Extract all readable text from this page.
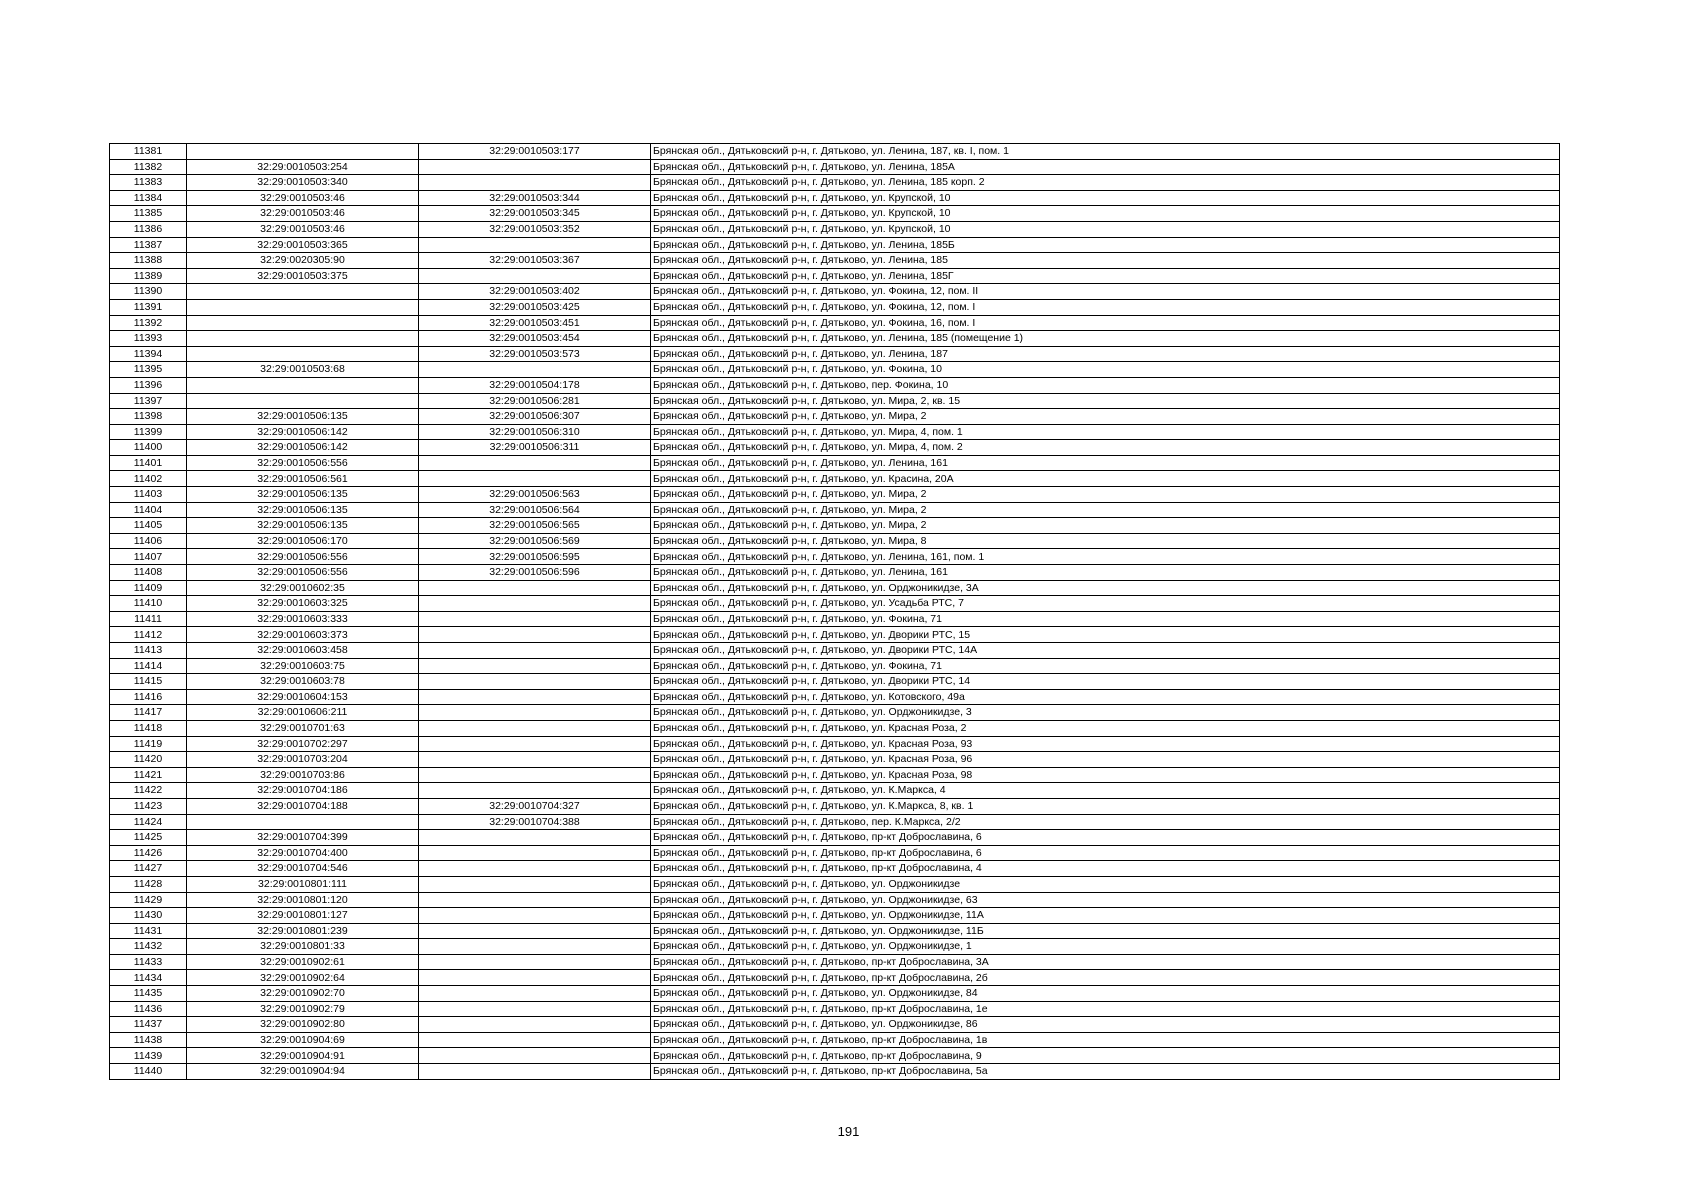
11381		32:29:0010503:177	Брянская обл., Дятьковский р-н, г. Дятьково, ул. Ленина, 187, кв. I, пом. 1
11382	32:29:0010503:254		Брянская обл., Дятьковский р-н, г. Дятьково, ул. Ленина, 185А
11383	32:29:0010503:340		Брянская обл., Дятьковский р-н, г. Дятьково, ул. Ленина, 185 корп. 2
11384	32:29:0010503:46	32:29:0010503:344	Брянская обл., Дятьковский р-н, г. Дятьково, ул. Крупской, 10
11385	32:29:0010503:46	32:29:0010503:345	Брянская обл., Дятьковский р-н, г. Дятьково, ул. Крупской, 10
11386	32:29:0010503:46	32:29:0010503:352	Брянская обл., Дятьковский р-н, г. Дятьково, ул. Крупской, 10
11387	32:29:0010503:365		Брянская обл., Дятьковский р-н, г. Дятьково, ул. Ленина, 185Б
11388	32:29:0020305:90	32:29:0010503:367	Брянская обл., Дятьковский р-н, г. Дятьково, ул. Ленина, 185
11389	32:29:0010503:375		Брянская обл., Дятьковский р-н, г. Дятьково, ул. Ленина, 185Г
11390		32:29:0010503:402	Брянская обл., Дятьковский р-н, г. Дятьково, ул. Фокина, 12, пом. II
11391		32:29:0010503:425	Брянская обл., Дятьковский р-н, г. Дятьково, ул. Фокина, 12, пом. I
11392		32:29:0010503:451	Брянская обл., Дятьковский р-н, г. Дятьково, ул. Фокина, 16, пом. I
11393		32:29:0010503:454	Брянская обл., Дятьковский р-н, г. Дятьково, ул. Ленина, 185 (помещение 1)
11394		32:29:0010503:573	Брянская обл., Дятьковский р-н, г. Дятьково, ул. Ленина, 187
11395	32:29:0010503:68		Брянская обл., Дятьковский р-н, г. Дятьково, ул. Фокина, 10
11396		32:29:0010504:178	Брянская обл., Дятьковский р-н, г. Дятьково, пер. Фокина, 10
11397		32:29:0010506:281	Брянская обл., Дятьковский р-н, г. Дятьково, ул. Мира, 2, кв. 15
11398	32:29:0010506:135	32:29:0010506:307	Брянская обл., Дятьковский р-н, г. Дятьково, ул. Мира, 2
11399	32:29:0010506:142	32:29:0010506:310	Брянская обл., Дятьковский р-н, г. Дятьково, ул. Мира, 4, пом. 1
11400	32:29:0010506:142	32:29:0010506:311	Брянская обл., Дятьковский р-н, г. Дятьково, ул. Мира, 4, пом. 2
11401	32:29:0010506:556		Брянская обл., Дятьковский р-н, г. Дятьково, ул. Ленина, 161
11402	32:29:0010506:561		Брянская обл., Дятьковский р-н, г. Дятьково, ул. Красина, 20А
11403	32:29:0010506:135	32:29:0010506:563	Брянская обл., Дятьковский р-н, г. Дятьково, ул. Мира, 2
11404	32:29:0010506:135	32:29:0010506:564	Брянская обл., Дятьковский р-н, г. Дятьково, ул. Мира, 2
11405	32:29:0010506:135	32:29:0010506:565	Брянская обл., Дятьковский р-н, г. Дятьково, ул. Мира, 2
11406	32:29:0010506:170	32:29:0010506:569	Брянская обл., Дятьковский р-н, г. Дятьково, ул. Мира, 8
11407	32:29:0010506:556	32:29:0010506:595	Брянская обл., Дятьковский р-н, г. Дятьково, ул. Ленина, 161, пом. 1
11408	32:29:0010506:556	32:29:0010506:596	Брянская обл., Дятьковский р-н, г. Дятьково, ул. Ленина, 161
11409	32:29:0010602:35		Брянская обл., Дятьковский р-н, г. Дятьково, ул. Орджоникидзе, 3А
11410	32:29:0010603:325		Брянская обл., Дятьковский р-н, г. Дятьково, ул. Усадьба РТС, 7
11411	32:29:0010603:333		Брянская обл., Дятьковский р-н, г. Дятьково, ул. Фокина, 71
11412	32:29:0010603:373		Брянская обл., Дятьковский р-н, г. Дятьково, ул. Дворики РТС, 15
11413	32:29:0010603:458		Брянская обл., Дятьковский р-н, г. Дятьково, ул. Дворики РТС, 14А
11414	32:29:0010603:75		Брянская обл., Дятьковский р-н, г. Дятьково, ул. Фокина, 71
11415	32:29:0010603:78		Брянская обл., Дятьковский р-н, г. Дятьково, ул. Дворики РТС, 14
11416	32:29:0010604:153		Брянская обл., Дятьковский р-н, г. Дятьково, ул. Котовского, 49а
11417	32:29:0010606:211		Брянская обл., Дятьковский р-н, г. Дятьково, ул. Орджоникидзе, 3
11418	32:29:0010701:63		Брянская обл., Дятьковский р-н, г. Дятьково, ул. Красная Роза, 2
11419	32:29:0010702:297		Брянская обл., Дятьковский р-н, г. Дятьково, ул. Красная Роза, 93
11420	32:29:0010703:204		Брянская обл., Дятьковский р-н, г. Дятьково, ул. Красная Роза, 96
11421	32:29:0010703:86		Брянская обл., Дятьковский р-н, г. Дятьково, ул. Красная Роза, 98
11422	32:29:0010704:186		Брянская обл., Дятьковский р-н, г. Дятьково, ул. К.Маркса, 4
11423	32:29:0010704:188	32:29:0010704:327	Брянская обл., Дятьковский р-н, г. Дятьково, ул. К.Маркса, 8, кв. 1
11424		32:29:0010704:388	Брянская обл., Дятьковский р-н, г. Дятьково, пер. К.Маркса, 2/2
11425	32:29:0010704:399		Брянская обл., Дятьковский р-н, г. Дятьково, пр-кт Доброславина, 6
11426	32:29:0010704:400		Брянская обл., Дятьковский р-н, г. Дятьково, пр-кт Доброславина, 6
11427	32:29:0010704:546		Брянская обл., Дятьковский р-н, г. Дятьково, пр-кт Доброславина, 4
11428	32:29:0010801:111		Брянская обл., Дятьковский р-н, г. Дятьково, ул. Орджоникидзе
11429	32:29:0010801:120		Брянская обл., Дятьковский р-н, г. Дятьково, ул. Орджоникидзе, 63
11430	32:29:0010801:127		Брянская обл., Дятьковский р-н, г. Дятьково, ул. Орджоникидзе, 11А
11431	32:29:0010801:239		Брянская обл., Дятьковский р-н, г. Дятьково, ул. Орджоникидзе, 11Б
11432	32:29:0010801:33		Брянская обл., Дятьковский р-н, г. Дятьково, ул. Орджоникидзе, 1
11433	32:29:0010902:61		Брянская обл., Дятьковский р-н, г. Дятьково, пр-кт Доброславина, 3А
11434	32:29:0010902:64		Брянская обл., Дятьковский р-н, г. Дятьково, пр-кт Доброславина, 2б
11435	32:29:0010902:70		Брянская обл., Дятьковский р-н, г. Дятьково, ул. Орджоникидзе, 84
11436	32:29:0010902:79		Брянская обл., Дятьковский р-н, г. Дятьково, пр-кт Доброславина, 1е
11437	32:29:0010902:80		Брянская обл., Дятьковский р-н, г. Дятьково, ул. Орджоникидзе, 86
11438	32:29:0010904:69		Брянская обл., Дятьковский р-н, г. Дятьково, пр-кт Доброславина, 1в
11439	32:29:0010904:91		Брянская обл., Дятьковский р-н, г. Дятьково, пр-кт Доброславина, 9
11440	32:29:0010904:94		Брянская обл., Дятьковский р-н, г. Дятьково, пр-кт Доброславина, 5а
191
